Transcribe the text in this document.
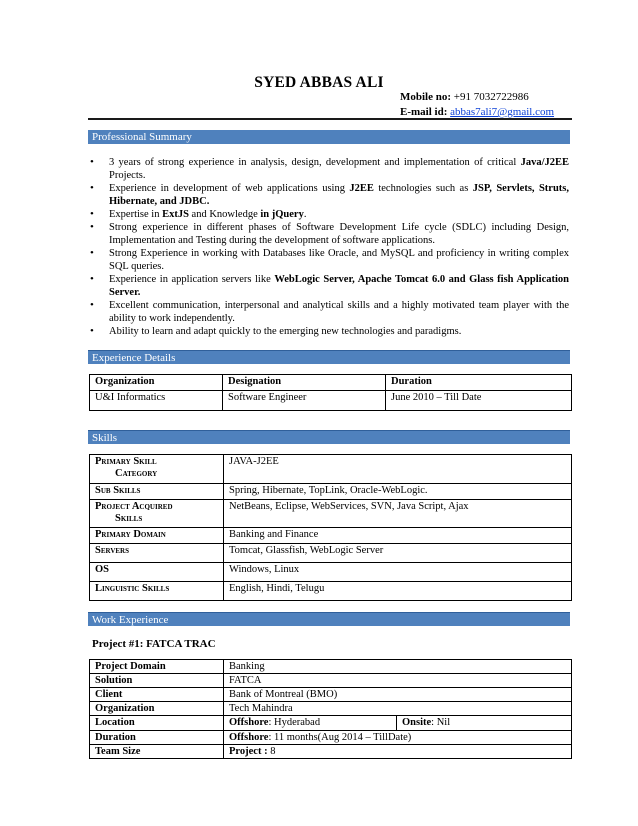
SYED ABBAS ALI
Mobile no: +91 7032722986
E-mail id: abbas7ali7@gmail.com
Professional Summary
• 3 years of strong experience in analysis, design, development and implementation of critical Java/J2EE Projects.
• Experience in development of web applications using J2EE technologies such as JSP, Servlets, Struts, Hibernate, and JDBC.
• Expertise in ExtJS and Knowledge in jQuery.
• Strong experience in different phases of Software Development Life cycle (SDLC) including Design, Implementation and Testing during the development of software applications.
• Strong Experience in working with Databases like Oracle, and MySQL and proficiency in writing complex SQL queries.
• Experience in application servers like WebLogic Server, Apache Tomcat 6.0 and Glass fish Application Server.
• Excellent communication, interpersonal and analytical skills and a highly motivated team player with the ability to work independently.
• Ability to learn and adapt quickly to the emerging new technologies and paradigms.
Experience Details
Organization	Designation	Duration
U&I Informatics	Software Engineer	June 2010 – Till Date
Skills
Primary Skill
Category	JAVA-J2EE
Sub Skills	Spring, Hibernate, TopLink, Oracle-WebLogic.
Project Acquired
Skills	NetBeans, Eclipse, WebServices, SVN, Java Script, Ajax
Primary Domain	Banking and Finance
Servers	Tomcat, Glassfish, WebLogic Server
OS	Windows, Linux
Linguistic Skills	English, Hindi, Telugu
Work Experience
Project #1: FATCA TRAC
Project Domain	Banking	
Solution	FATCA	
Client	Bank of Montreal (BMO)	
Organization	Tech Mahindra	
Location	Offshore: Hyderabad	Onsite: Nil
Duration	Offshore: 11 months(Aug 2014 – TillDate)	
Team Size	Project : 8	
